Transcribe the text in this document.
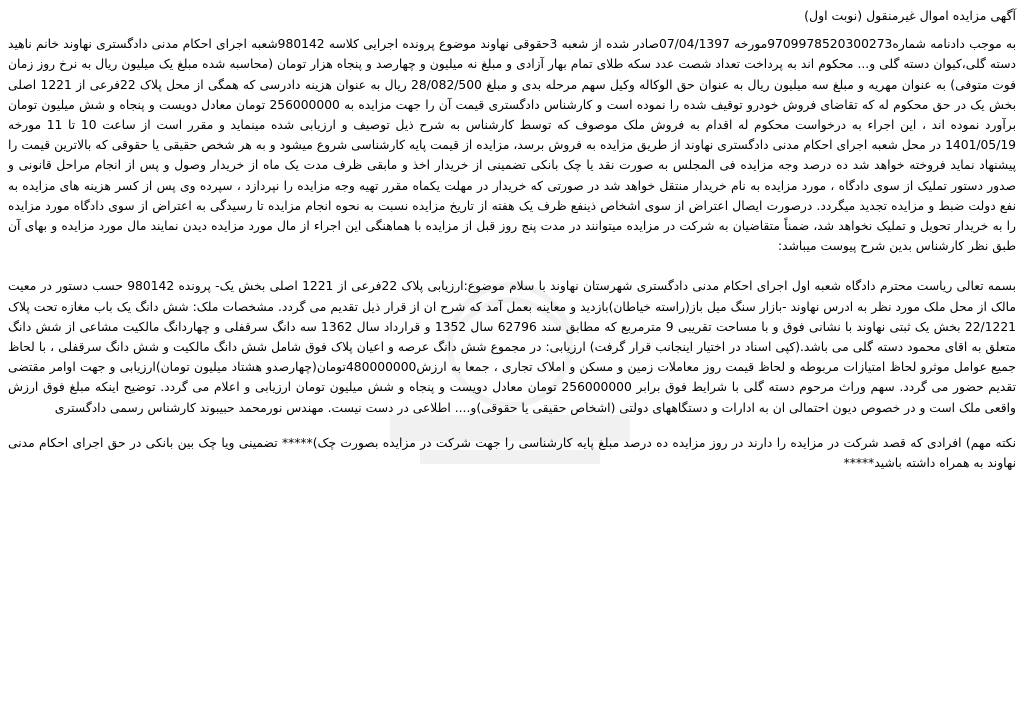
آگهی مزایده اموال غیرمنقول (نوبت اول)

به موجب دادنامه شماره9709978520300273مورخه 07/04/1397صادر شده از شعبه 3حقوقی نهاوند موضوع پرونده اجرایی کلاسه 980142شعبه اجرای احکام مدنی دادگستری نهاوند خانم ناهید دسته گلی،کیوان دسته گلی و... محکوم اند به پرداخت تعداد شصت عدد سکه طلای تمام بهار آزادی و مبلغ نه میلیون و چهارصد و پنجاه هزار تومان (محاسبه شده مبلغ یک میلیون ریال به نرخ روز زمان فوت متوفی) به عنوان مهریه و مبلغ سه میلیون ریال به عنوان حق الوکاله وکیل سهم مرحله بدی و مبلغ 28/082/500 ریال به عنوان هزینه دادرسی که همگی از محل پلاک 22فرعی از 1221 اصلی بخش یک در حق محکوم له که تقاضای فروش خودرو توقیف شده را نموده است و کارشناس دادگستری قیمت آن را جهت مزایده به 256000000 تومان معادل دویست و پنجاه و شش میلیون تومان برآورد نموده اند ، این اجراء به درخواست محکوم له اقدام به فروش ملک موصوف که توسط کارشناس به شرح ذیل توصیف و ارزیابی شده مینماید و مقرر است از ساعت 10 تا 11 مورخه 1401/05/19 در محل شعبه اجرای احکام مدنی دادگستری نهاوند از طریق مزایده به فروش برسد، مزایده از قیمت پایه کارشناسی شروع میشود و به هر شخص حقیقی یا حقوقی که بالاترین قیمت را پیشنهاد نماید فروخته خواهد شد ده درصد وجه مزایده فی المجلس به صورت نقد یا چک بانکی تضمینی از خریدار اخذ و مابقی ظرف مدت یک ماه از خریدار وصول و پس از انجام مراحل قانونی و صدور دستور تملیک از سوی دادگاه ، مورد مزایده به نام خریدار منتقل خواهد شد در صورتی که خریدار در مهلت یکماه مقرر تهیه وجه مزایده را نپردازد ، سپرده وی پس از کسر هزینه های مزایده به نفع دولت ضبط و مزایده تجدید میگردد. درصورت ایصال اعتراض از سوی اشخاص ذینفع ظرف یک هفته از تاریخ مزایده نسبت به نحوه انجام مزایده تا رسیدگی به اعتراض از سوی دادگاه مورد مزایده را به خریدار تحویل و تملیک نخواهد شد، ضمناً متقاضیان به شرکت در مزایده میتوانند در مدت پنج روز قبل از مزایده با هماهنگی این اجراء از مال مورد مزایده دیدن نمایند مال مورد مزایده و بهای آن طبق نظر کارشناس بدین شرح پیوست میباشد:

بسمه تعالی ریاست محترم دادگاه شعبه اول اجرای احکام مدنی دادگستری شهرستان نهاوند با سلام موضوع:ارزیابی پلاک 22فرعی از 1221 اصلی بخش یک- پرونده 980142 حسب دستور در معیت مالک از محل ملک مورد نظر به ادرس نهاوند -بازار سنگ میل باز(راسته خیاطان)بازدید و معاینه بعمل آمد که شرح ان از قرار ذیل تقدیم می گردد. مشخصات ملک: شش دانگ یک باب مغازه تحت پلاک 22/1221 بخش یک ثبتی نهاوند با نشانی فوق و با مساحت تقریبی 9 مترمربع که مطابق سند 62796 سال 1352 و قرارداد سال 1362 سه دانگ سرقفلی و چهاردانگ مالکیت مشاعی از شش دانگ متعلق به اقای محمود دسته گلی می باشد.(کپی اسناد در اختیار اینجانب قرار گرفت) ارزیابی: در مجموع شش دانگ عرصه و اعیان پلاک فوق شامل شش دانگ مالکیت و شش دانگ سرقفلی ، با لحاظ جمیع عوامل موثرو لحاظ امتیازات مربوطه و لحاظ قیمت روز معاملات زمین و مسکن و املاک تجاری ، جمعا به ارزش480000000تومان(چهارصدو هشتاد میلیون تومان)ارزیابی و جهت اوامر مقتضی تقدیم حضور می گردد. سهم وراث مرحوم دسته گلی با شرایط فوق برابر 256000000 تومان معادل دویست و پنجاه و شش میلیون تومان ارزیابی و اعلام می گردد. توضیح اینکه مبلغ فوق ارزش واقعی ملک است و در خصوص دیون احتمالی ان به ادارات و دستگاههای دولتی (اشخاص حقیقی یا حقوقی)و.... اطلاعی در دست نیست. مهندس نورمحمد حبیبوند کارشناس رسمی دادگستری

نکته مهم) افرادی که قصد شرکت در مزایده را دارند در روز مزایده ده درصد مبلغ پایه کارشناسی را جهت شرکت در مزایده بصورت چک)***** تضمینی ویا چک بین بانکی در حق اجرای احکام مدنی نهاوند به همراه داشته باشید*****
